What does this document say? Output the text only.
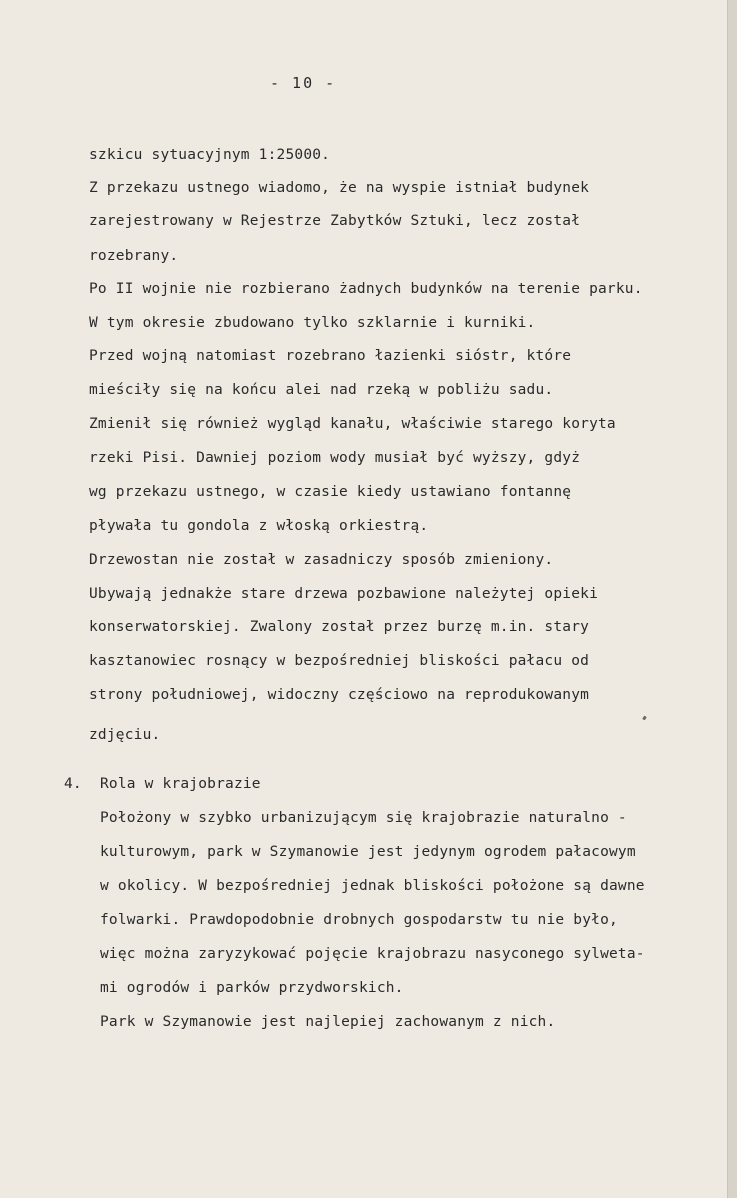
- 10 -
szkicu sytuacyjnym 1:25000.
Z przekazu ustnego wiadomo, że na wyspie istniał budynek
zarejestrowany w Rejestrze Zabytków Sztuki, lecz został
rozebrany.
Po II wojnie nie rozbierano żadnych budynków na terenie parku.
W tym okresie zbudowano tylko szklarnie i kurniki.
Przed wojną natomiast rozebrano łazienki sióstr, które
mieściły się na końcu alei nad rzeką w pobliżu sadu.
Zmienił się również wygląd kanału, właściwie starego koryta
rzeki Pisi. Dawniej poziom wody musiał być wyższy, gdyż
wg przekazu ustnego, w czasie kiedy ustawiano fontannę
pływała tu gondola z włoską orkiestrą.
Drzewostan nie został w zasadniczy sposób zmieniony.
Ubywają jednakże stare drzewa pozbawione należytej opieki
konserwatorskiej. Zwalony został przez burzę m.in. stary
kasztanowiec rosnący w bezpośredniej bliskości pałacu od
strony południowej, widoczny częściowo na reprodukowanym
zdjęciu.
4. Rola w krajobrazie
Położony w szybko urbanizującym się krajobrazie naturalno -
kulturowym, park w Szymanowie jest jedynym ogrodem pałacowym
w okolicy. W bezpośredniej jednak bliskości położone są dawne
folwarki. Prawdopodobnie drobnych gospodarstw tu nie było,
więc można zaryzykować pojęcie krajobrazu nasyconego sylweta-
mi ogrodów i parków przydworskich.
Park w Szymanowie jest najlepiej zachowanym z nich.
